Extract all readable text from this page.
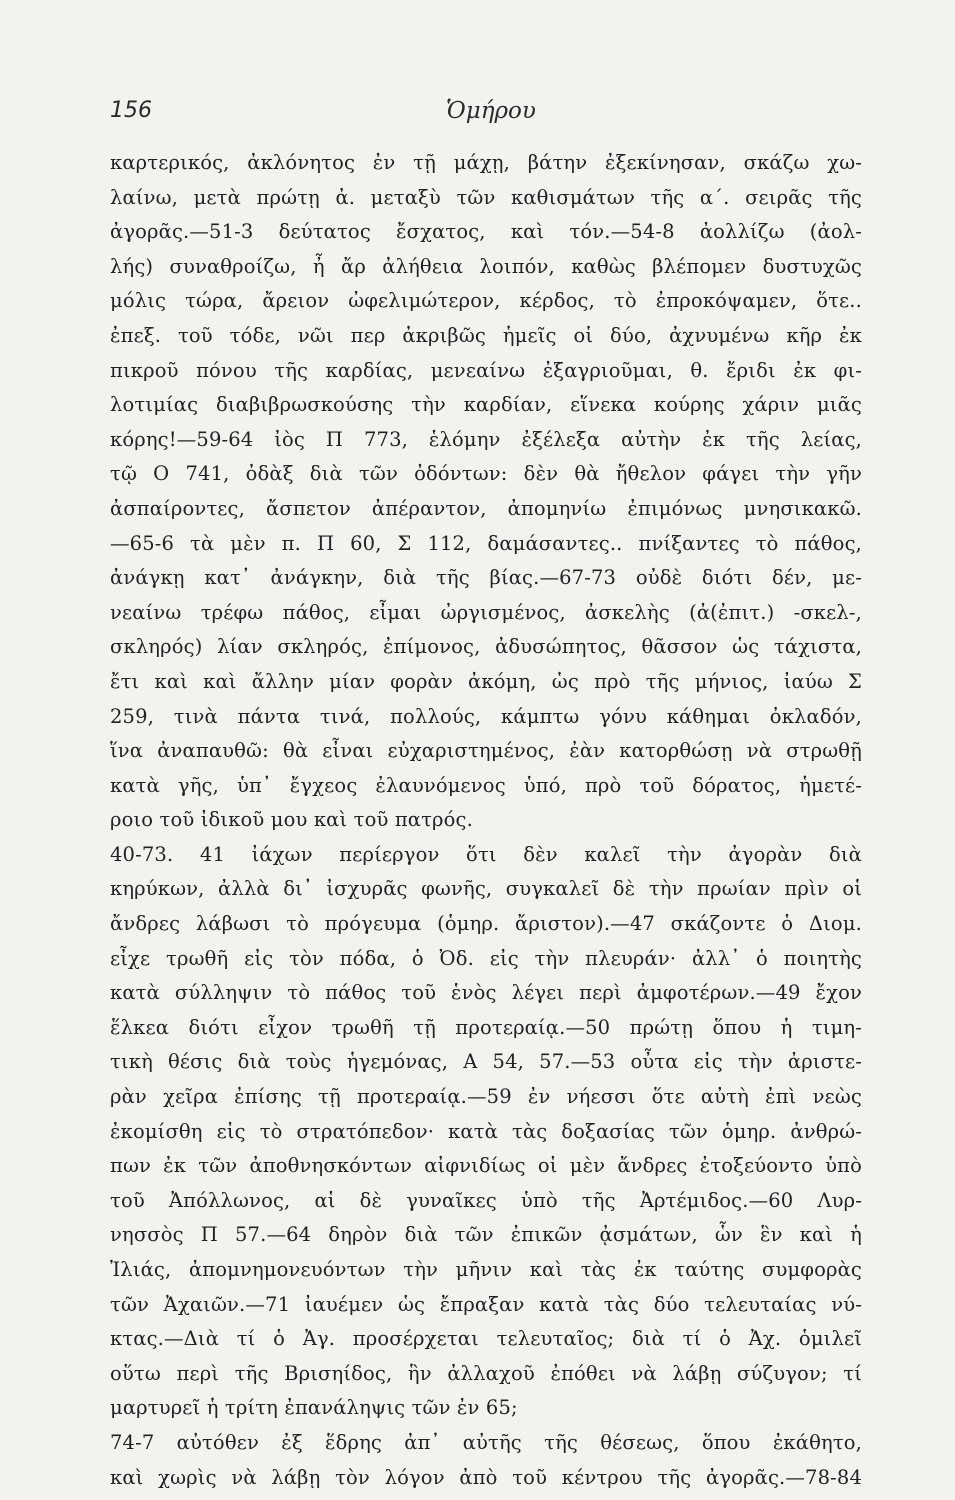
156	Ὁμήρου
καρτερικός, ἀκλόνητος ἐν τῇ μάχῃ, βάτην ἐξεκίνησαν, σκάζω χω-
λαίνω, μετὰ πρώτῃ ἀ. μεταξὺ τῶν καθισμάτων τῆς α΄. σειρᾶς τῆς
ἀγορᾶς.—51-3 δεύτατος ἔσχατος, καὶ τόν.—54-8 ἀολλίζω (ἀολ-
λής) συναθροίζω, ἦ ἄρ ἀλήθεια λοιπόν, καθὼς βλέπομεν δυστυχῶς
μόλις τώρα, ἄρειον ὠφελιμώτερον, κέρδος, τὸ ἐπροκόψαμεν, ὅτε..
ἐπεξ. τοῦ τόδε, νῶι περ ἀκριβῶς ἡμεῖς οἱ δύο, ἀχνυμένω κῆρ ἐκ
πικροῦ πόνου τῆς καρδίας, μενεαίνω ἐξαγριοῦμαι, θ. ἔριδι ἐκ φι-
λοτιμίας διαβιβρωσκούσης τὴν καρδίαν, εἵνεκα κούρης χάριν μιᾶς
κόρης!—59-64 ἰὸς Π 773, ἑλόμην ἐξέλεξα αὐτὴν ἐκ τῆς λείας,
τῷ Ο 741, ὀδὰξ διὰ τῶν ὀδόντων: δὲν θὰ ἤθελον φάγει τὴν γῆν
ἀσπαίροντες, ἄσπετον ἀπέραντον, ἀπομηνίω ἐπιμόνως μνησικακῶ.
—65-6 τὰ μὲν π. Π 60, Σ 112, δαμάσαντες.. πνίξαντες τὸ πάθος,
ἀνάγκῃ κατ᾽ ἀνάγκην, διὰ τῆς βίας.—67-73 οὐδὲ διότι δέν, με-
νεαίνω τρέφω πάθος, εἶμαι ὠργισμένος, ἀσκελὴς (ἀ(ἐπιτ.) -σκελ-,
σκληρός) λίαν σκληρός, ἐπίμονος, ἀδυσώπητος, θᾶσσον ὡς τάχιστα,
ἔτι καὶ καὶ ἄλλην μίαν φορὰν ἀκόμη, ὡς πρὸ τῆς μήνιος, ἰαύω Σ
259, τινὰ πάντα τινά, πολλούς, κάμπτω γόνυ κάθημαι ὀκλαδόν,
ἵνα ἀναπαυθῶ: θὰ εἶναι εὐχαριστημένος, ἐὰν κατορθώσῃ νὰ στρωθῇ
κατὰ γῆς, ὑπ᾽ ἔγχεος ἐλαυνόμενος ὑπό, πρὸ τοῦ δόρατος, ἡμετέ-
ροιο τοῦ ἰδικοῦ μου καὶ τοῦ πατρός.
40-73. 41 ἰάχων περίεργον ὅτι δὲν καλεῖ τὴν ἀγορὰν διὰ
κηρύκων, ἀλλὰ δι᾽ ἰσχυρᾶς φωνῆς, συγκαλεῖ δὲ τὴν πρωίαν πρὶν οἱ
ἄνδρες λάβωσι τὸ πρόγευμα (ὁμηρ. ἄριστον).—47 σκάζοντε ὁ Διομ.
εἶχε τρωθῆ εἰς τὸν πόδα, ὁ Ὀδ. εἰς τὴν πλευράν· ἀλλ᾽ ὁ ποιητὴς
κατὰ σύλληψιν τὸ πάθος τοῦ ἑνὸς λέγει περὶ ἀμφοτέρων.—49 ἔχον
ἕλκεα διότι εἶχον τρωθῆ τῇ προτεραίᾳ.—50 πρώτῃ ὅπου ἡ τιμη-
τικὴ θέσις διὰ τοὺς ἡγεμόνας, Α 54, 57.—53 οὖτα εἰς τὴν ἀριστε-
ρὰν χεῖρα ἐπίσης τῇ προτεραίᾳ.—59 ἐν νήεσσι ὅτε αὐτὴ ἐπὶ νεὼς
ἐκομίσθη εἰς τὸ στρατόπεδον· κατὰ τὰς δοξασίας τῶν ὁμηρ. ἀνθρώ-
πων ἐκ τῶν ἀποθνησκόντων αἰφνιδίως οἱ μὲν ἄνδρες ἐτοξεύοντο ὑπὸ
τοῦ Ἀπόλλωνος, αἱ δὲ γυναῖκες ὑπὸ τῆς Ἀρτέμιδος.—60 Λυρ-
νησσὸς Π 57.—64 δηρὸν διὰ τῶν ἐπικῶν ᾀσμάτων, ὧν ἓν καὶ ἡ
Ἰλιάς, ἀπομνημονευόντων τὴν μῆνιν καὶ τὰς ἐκ ταύτης συμφορὰς
τῶν Ἀχαιῶν.—71 ἰαυέμεν ὡς ἔπραξαν κατὰ τὰς δύο τελευταίας νύ-
κτας.—Διὰ τί ὁ Ἀγ. προσέρχεται τελευταῖος; διὰ τί ὁ Ἀχ. ὁμιλεῖ
οὕτω περὶ τῆς Βρισηίδος, ἣν ἀλλαχοῦ ἐπόθει νὰ λάβῃ σύζυγον; τί
μαρτυρεῖ ἡ τρίτη ἐπανάληψις τῶν ἐν 65;
74-7 αὐτόθεν ἐξ ἕδρης ἀπ᾽ αὐτῆς τῆς θέσεως, ὅπου ἐκάθητο,
καὶ χωρὶς νὰ λάβῃ τὸν λόγον ἀπὸ τοῦ κέντρου τῆς ἀγορᾶς.—78-84
